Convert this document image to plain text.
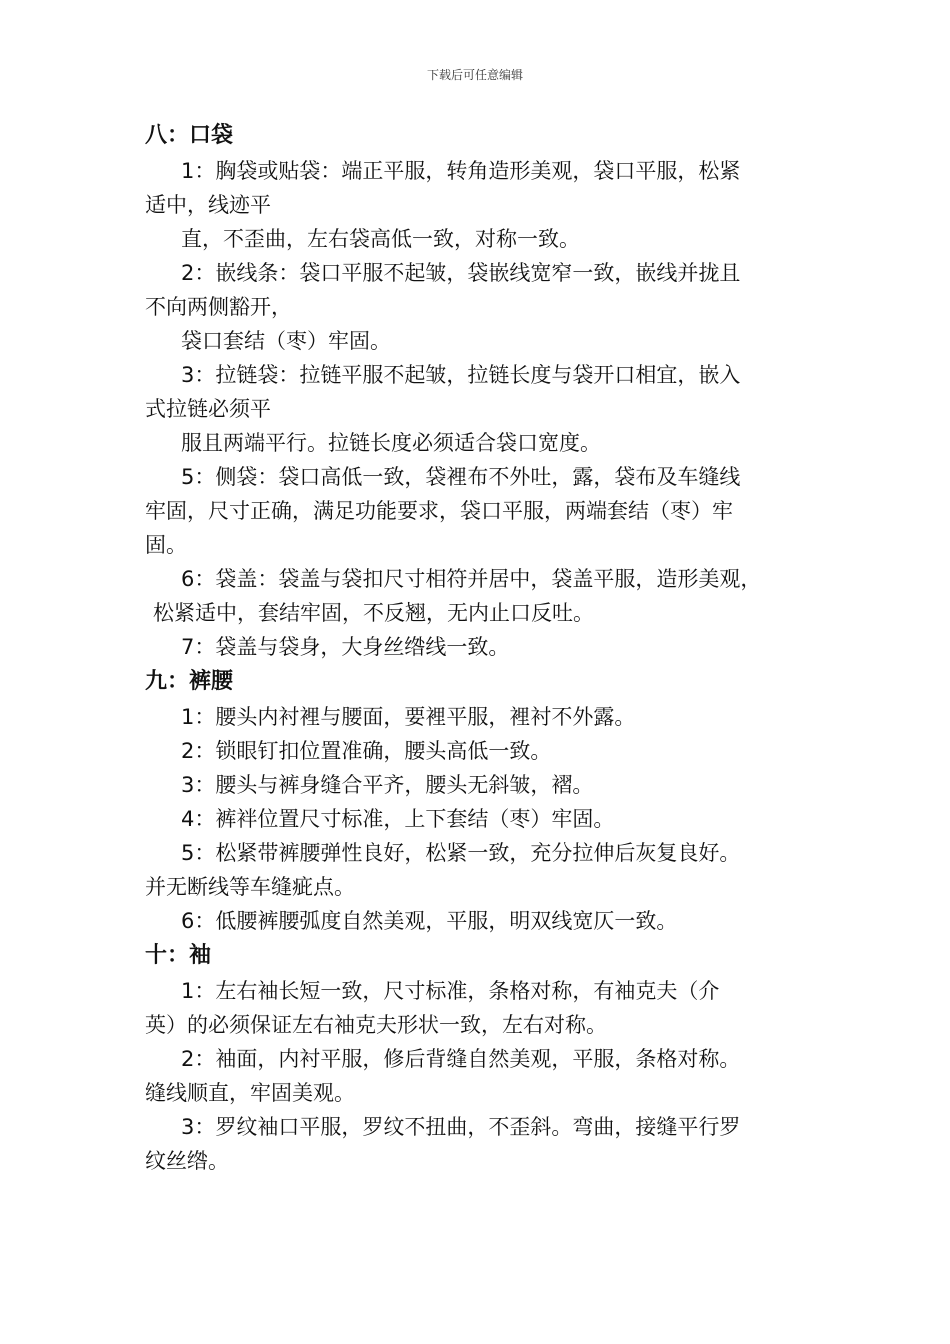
下载后可任意编辑
八：口袋
1：胸袋或贴袋：端正平服，转角造形美观，袋口平服，松紧
适中，线迹平
直，不歪曲，左右袋高低一致，对称一致。
2：嵌线条：袋口平服不起皱，袋嵌线宽窄一致，嵌线并拢且
不向两侧豁开，
袋口套结（枣）牢固。
3：拉链袋：拉链平服不起皱，拉链长度与袋开口相宜，嵌入
式拉链必须平
服且两端平行。拉链长度必须适合袋口宽度。
5：侧袋：袋口高低一致，袋裡布不外吐，露，袋布及车缝线
牢固，尺寸正确，满足功能要求，袋口平服，两端套结（枣）牢
固。
6：袋盖：袋盖与袋扣尺寸相符并居中，袋盖平服，造形美观，
松紧适中，套结牢固，不反翘，无内止口反吐。
7：袋盖与袋身，大身丝绺线一致。
九：裤腰
1：腰头内衬裡与腰面，要裡平服，裡衬不外露。
2：锁眼钉扣位置准确，腰头高低一致。
3：腰头与裤身缝合平齐，腰头无斜皱，褶。
4：裤袢位置尺寸标准，上下套结（枣）牢固。
5：松紧带裤腰弹性良好，松紧一致，充分拉伸后灰复良好。
并无断线等车缝疵点。
6：低腰裤腰弧度自然美观，平服，明双线宽仄一致。
十：袖
1：左右袖长短一致，尺寸标准，条格对称，有袖克夫（介
英）的必须保证左右袖克夫形状一致，左右对称。
2：袖面，内衬平服，修后背缝自然美观，平服，条格对称。
缝线顺直，牢固美观。
3：罗纹袖口平服，罗纹不扭曲，不歪斜。弯曲，接缝平行罗
纹丝绺。
